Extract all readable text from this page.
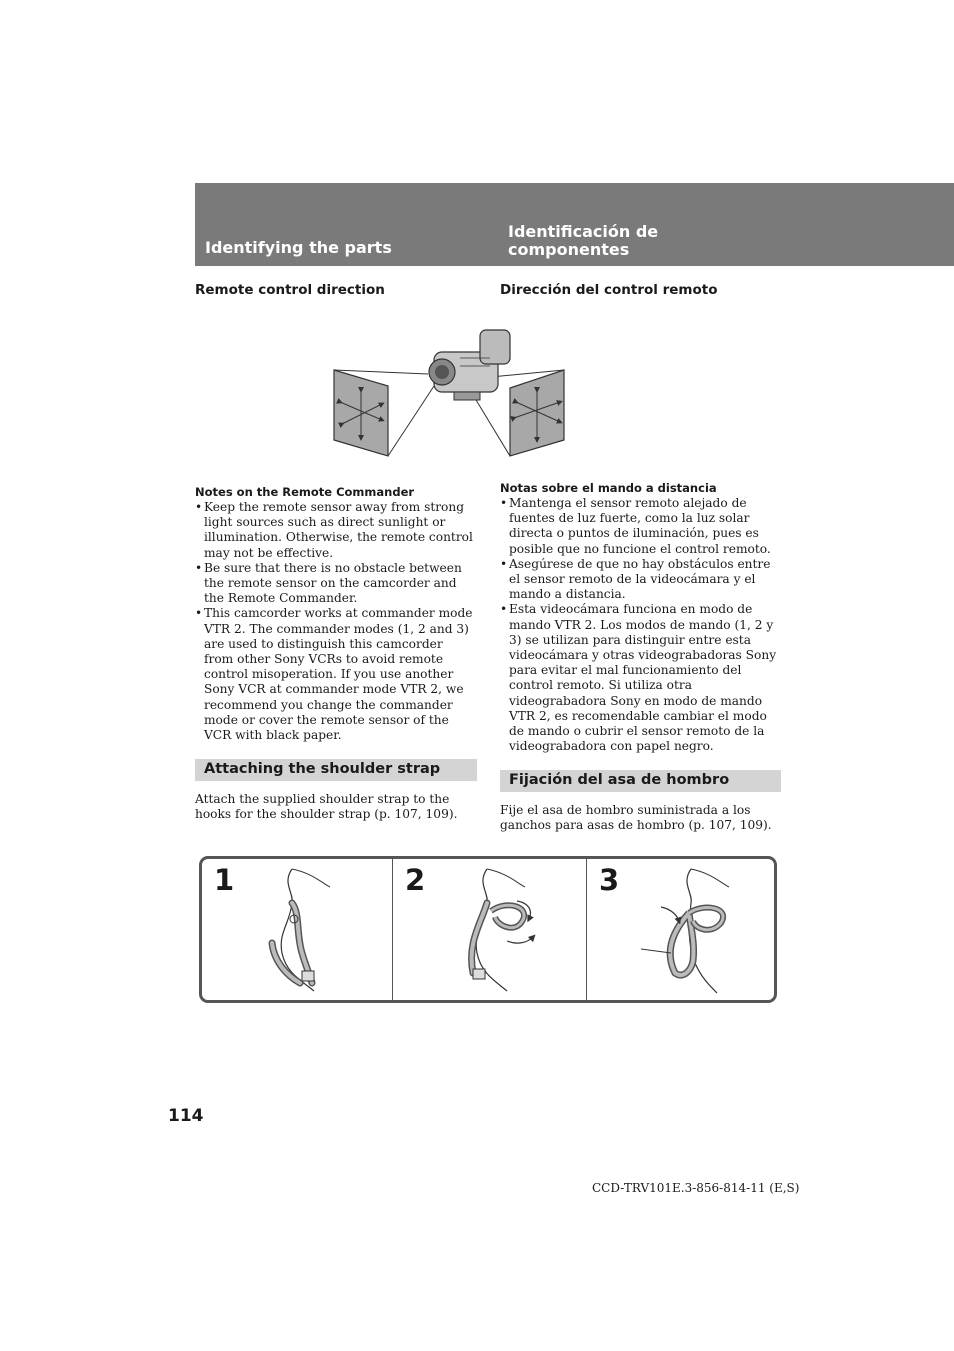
Identifying the parts
Identificación de
componentes
Remote control direction	Dirección del control remoto
Notes on the Remote Commander
• Keep the remote sensor away from strong light sources such as direct sunlight or illumination. Otherwise, the remote control may not be effective.
• Be sure that there is no obstacle between the remote sensor on the camcorder and the Remote Commander.
• This camcorder works at commander mode VTR 2. The commander modes (1, 2 and 3) are used to distinguish this camcorder from other Sony VCRs to avoid remote control misoperation. If you use another Sony VCR at commander mode VTR 2, we recommend you change the commander mode or cover the remote sensor of the VCR with black paper.
Notas sobre el mando a distancia
• Mantenga el sensor remoto alejado de fuentes de luz fuerte, como la luz solar directa o puntos de iluminación, pues es posible que no funcione el control remoto.
• Asegúrese de que no hay obstáculos entre el sensor remoto de la videocámara y el mando a distancia.
• Esta videocámara funciona en modo de mando VTR 2. Los modos de mando (1, 2 y 3) se utilizan para distinguir entre esta videocámara y otras videograbadoras Sony para evitar el mal funcionamiento del control remoto. Si utiliza otra videograbadora Sony en modo de mando VTR 2, es recomendable cambiar el modo de mando o cubrir el sensor remoto de la videograbadora con papel negro.
Attaching the shoulder strap
Attach the supplied shoulder strap to the hooks for the shoulder strap (p. 107, 109).
Fijación del asa de hombro
Fije el asa de hombro suministrada a los ganchos para asas de hombro (p. 107, 109).
1	2	3
114
CCD-TRV101E.3-856-814-11 (E,S)
